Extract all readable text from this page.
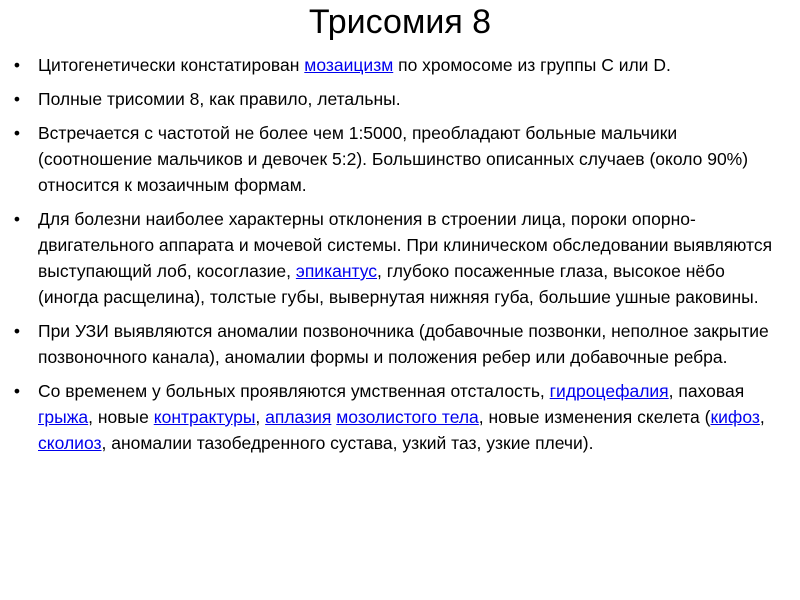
Трисомия 8
• Цитогенетически констатирован мозаицизм по хромосоме из группы С или D.
• Полные трисомии 8, как правило, летальны.
• Встречается с частотой не более чем 1:5000, преобладают больные мальчики (соотношение мальчиков и девочек 5:2). Большинство описанных случаев (около 90%) относится к мозаичным формам.
• Для болезни наиболее характерны отклонения в строении лица, пороки опорно-двигательного аппарата и мочевой системы. При клиническом обследовании выявляются выступающий лоб, косоглазие, эпикантус, глубоко посаженные глаза, высокое нёбо (иногда расщелина), толстые губы, вывернутая нижняя губа, большие ушные раковины.
• При УЗИ выявляются аномалии позвоночника (добавочные позвонки, неполное закрытие позвоночного канала), аномалии формы и положения ребер или добавочные ребра.
• Со временем у больных проявляются умственная отсталость, гидроцефалия, паховая грыжа, новые контрактуры, аплазия мозолистого тела, новые изменения скелета (кифоз, сколиоз, аномалии тазобедренного сустава, узкий таз, узкие плечи).
